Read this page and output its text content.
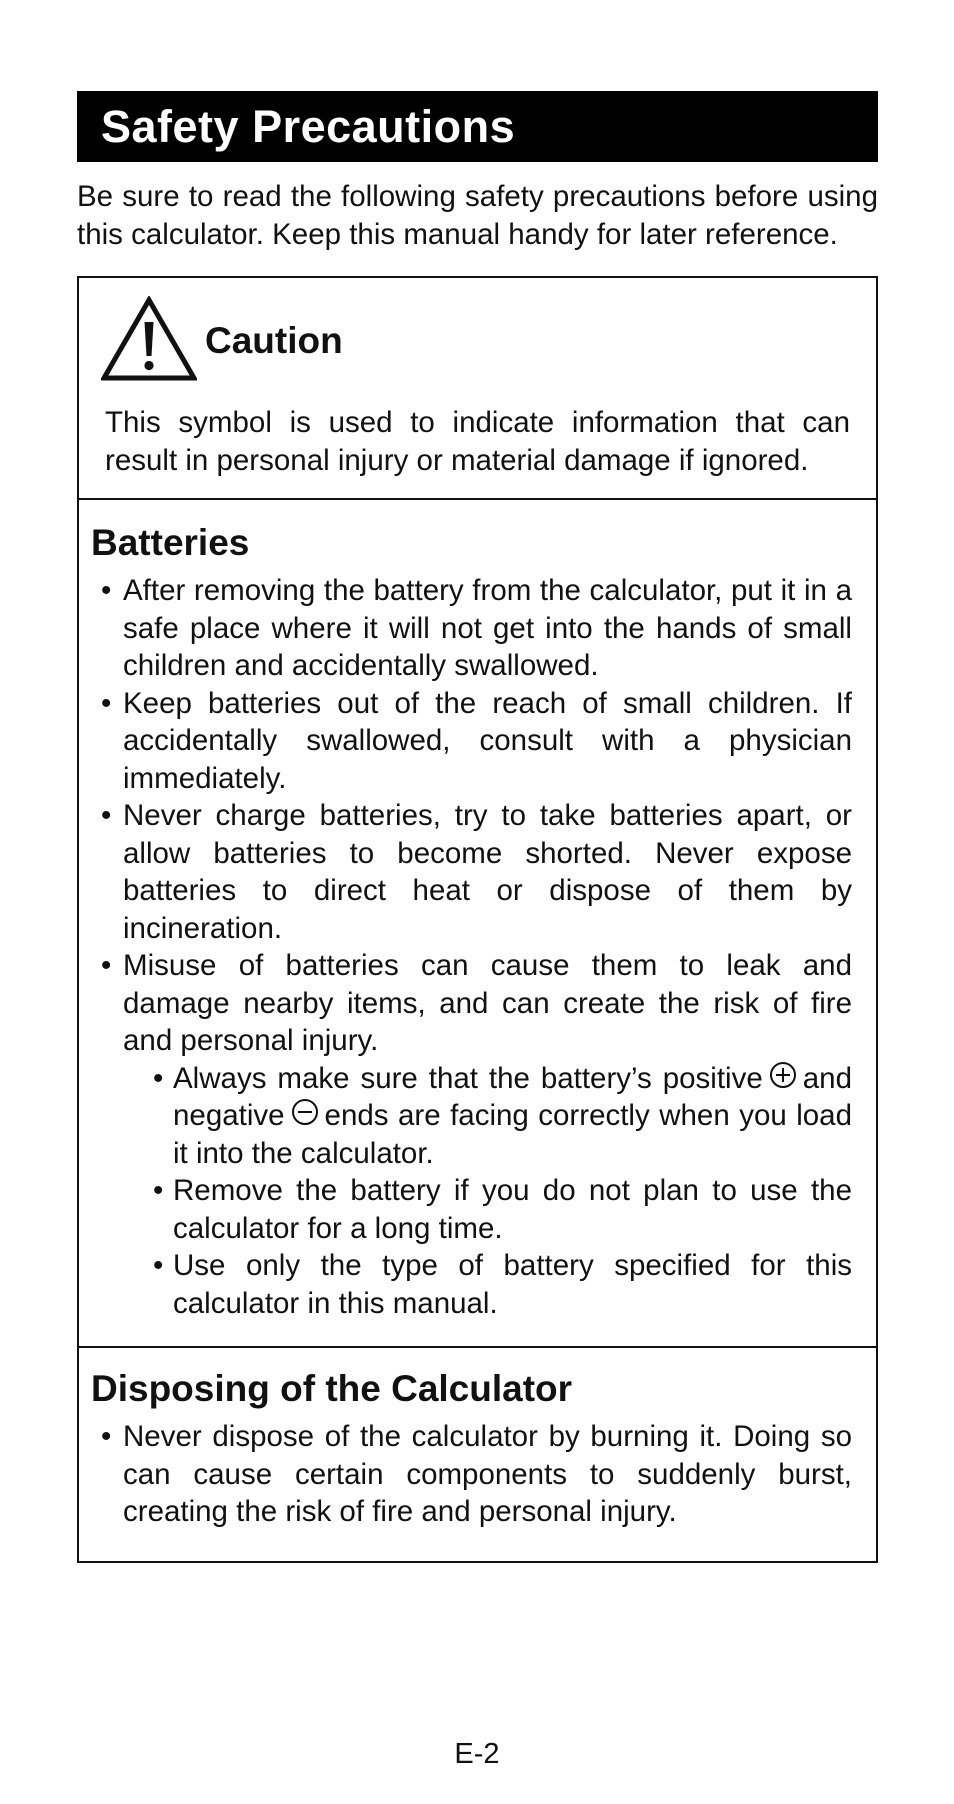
Safety Precautions

Be sure to read the following safety precautions before using this calculator. Keep this manual handy for later reference.

Caution

This symbol is used to indicate information that can result in personal injury or material damage if ignored.

Batteries
• After removing the battery from the calculator, put it in a safe place where it will not get into the hands of small children and accidentally swallowed.
• Keep batteries out of the reach of small children. If accidentally swallowed, consult with a physician immediately.
• Never charge batteries, try to take batteries apart, or allow batteries to become shorted. Never expose batteries to direct heat or dispose of them by incineration.
• Misuse of batteries can cause them to leak and damage nearby items, and can create the risk of fire and personal injury.
• Always make sure that the battery’s positive and negative ends are facing correctly when you load it into the calculator.
• Remove the battery if you do not plan to use the calculator for a long time.
• Use only the type of battery specified for this calculator in this manual.
Disposing of the Calculator
• Never dispose of the calculator by burning it. Doing so can cause certain components to suddenly burst, creating the risk of fire and personal injury.
E-2
